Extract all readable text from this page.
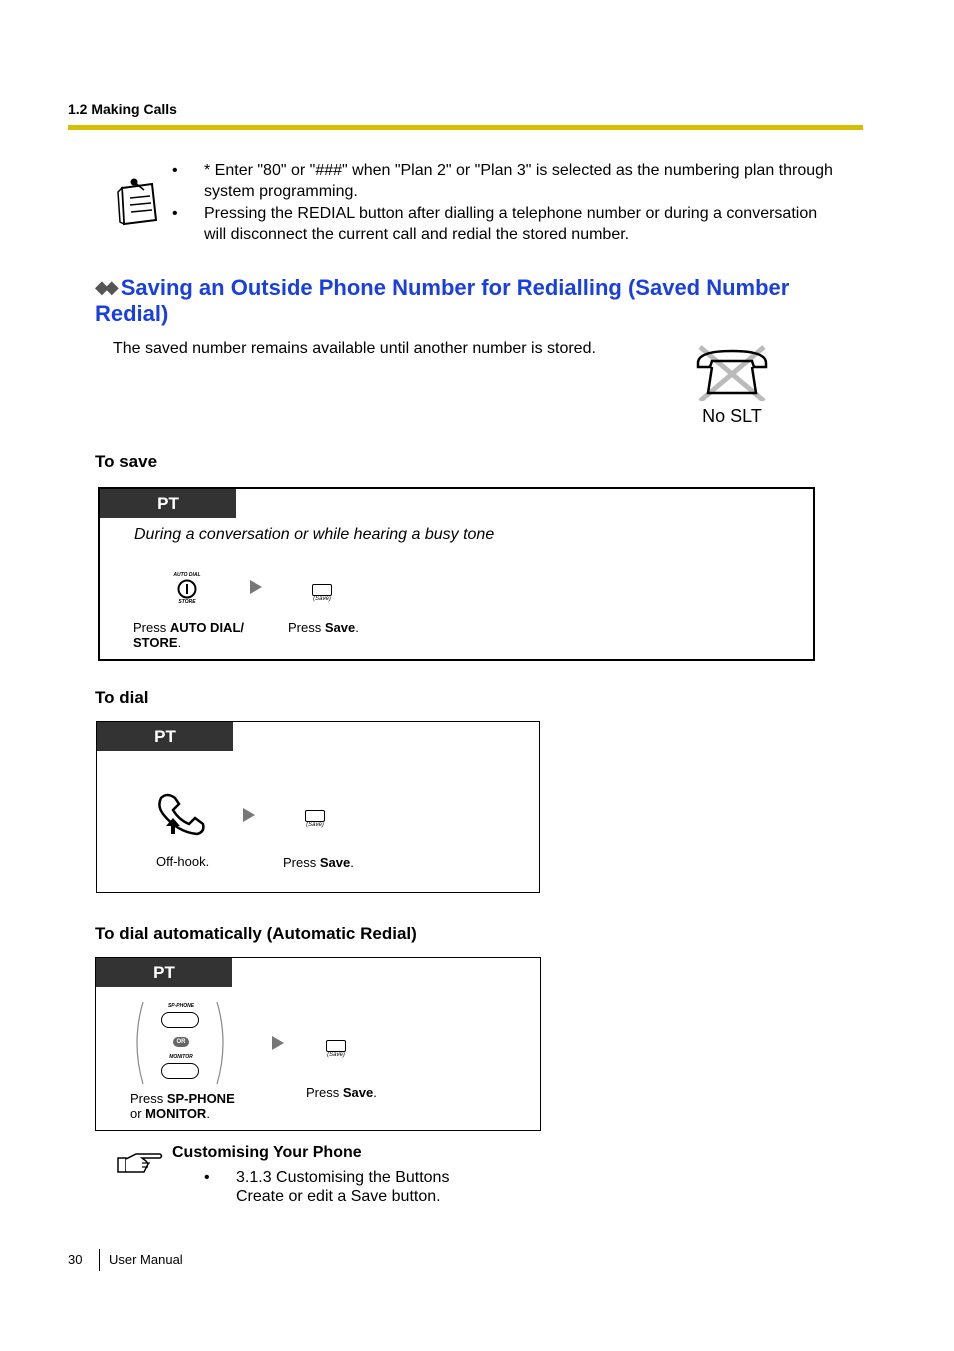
1.2 Making Calls
• * Enter "80" or "###" when "Plan 2" or "Plan 3" is selected as the numbering plan through system programming.
• Pressing the REDIAL button after dialling a telephone number or during a conversation will disconnect the current call and redial the stored number.
◆◆ Saving an Outside Phone Number for Redialling (Saved Number Redial)
The saved number remains available until another number is stored.
No SLT
To save
PT
During a conversation or while hearing a busy tone
AUTO DIAL
STORE	(Save)
Press AUTO DIAL/ STORE.
Press Save.
To dial
PT
(Save)
Off-hook.	Press Save.
To dial automatically (Automatic Redial)
PT
SP-PHONE
OR
MONITOR	(Save)
Press SP-PHONE
or MONITOR.
Press Save.
Customising Your Phone
• 3.1.3 Customising the Buttons
Create or edit a Save button.
30 User Manual
